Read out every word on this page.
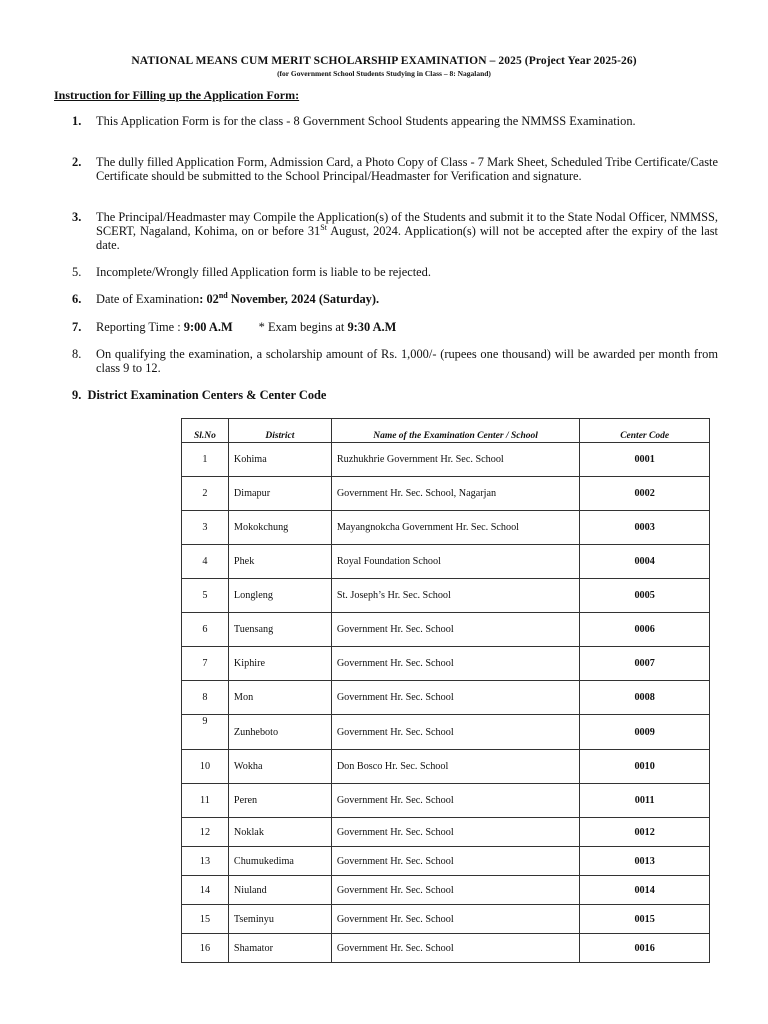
NATIONAL MEANS CUM MERIT SCHOLARSHIP EXAMINATION – 2025 (Project Year 2025-26)
(for Government School Students Studying in Class – 8: Nagaland)
Instruction for Filling up the Application Form:
1.	This Application Form is for the class - 8 Government School Students appearing the NMMSS Examination.
2.	The dully filled Application Form, Admission Card, a Photo Copy of Class - 7 Mark Sheet, Scheduled Tribe Certificate/Caste Certificate should be submitted to the School Principal/Headmaster for Verification and signature.
3.	The Principal/Headmaster may Compile the Application(s) of the Students and submit it to the State Nodal Officer, NMMSS, SCERT, Nagaland, Kohima, on or before 31St August, 2024. Application(s) will not be accepted after the expiry of the last date.
5.	Incomplete/Wrongly filled Application form is liable to be rejected.
6.	Date of Examination: 02nd November, 2024 (Saturday).
7.	Reporting Time : 9:00 A.M * Exam begins at 9:30 A.M
8.	On qualifying the examination, a scholarship amount of Rs. 1,000/- (rupees one thousand) will be awarded per month from class 9 to 12.
9. District Examination Centers & Center Code
Sl.No	District	Name of the Examination Center / School	Center Code
1	Kohima	Ruzhukhrie Government Hr. Sec. School	0001
2	Dimapur	Government Hr. Sec. School, Nagarjan	0002
3	Mokokchung	Mayangnokcha Government Hr. Sec. School	0003
4	Phek	Royal Foundation School	0004
5	Longleng	St. Joseph’s Hr. Sec. School	0005
6	Tuensang	Government Hr. Sec. School	0006
7	Kiphire	Government Hr. Sec. School	0007
8	Mon	Government Hr. Sec. School	0008
9	Zunheboto	Government Hr. Sec. School	0009
10	Wokha	Don Bosco Hr. Sec. School	0010
11	Peren	Government Hr. Sec. School	0011
12	Noklak	Government Hr. Sec. School	0012
13	Chumukedima	Government Hr. Sec. School	0013
14	Niuland	Government Hr. Sec. School	0014
15	Tseminyu	Government Hr. Sec. School	0015
16	Shamator	Government Hr. Sec. School	0016
